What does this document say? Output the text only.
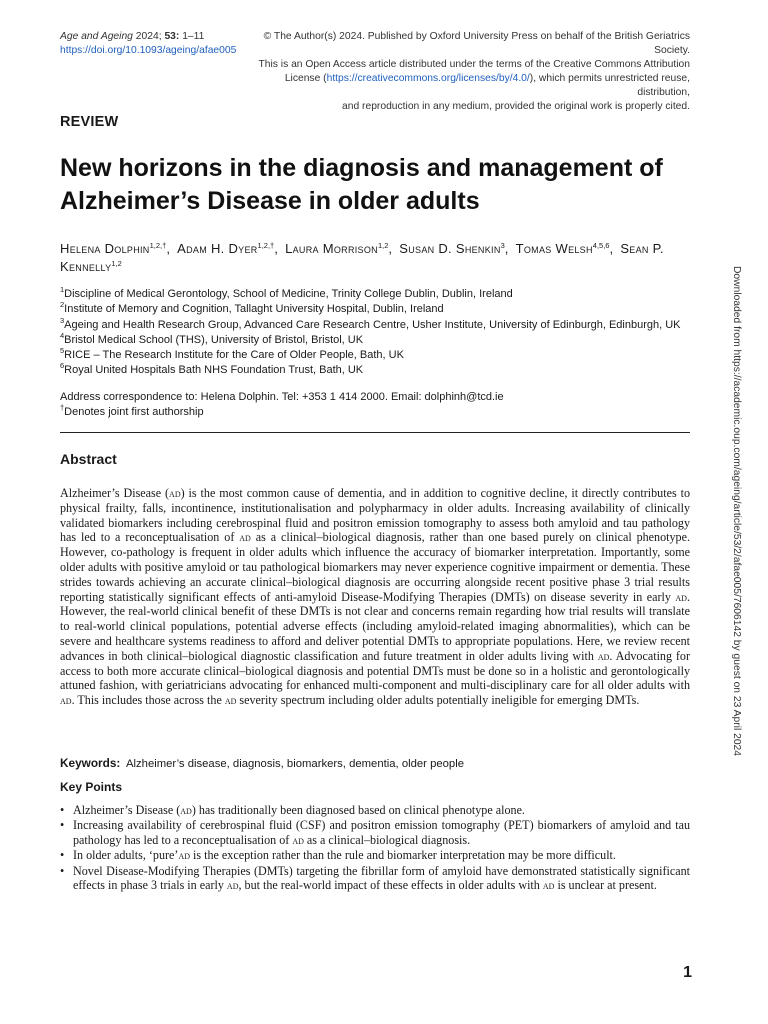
Age and Ageing 2024; 53: 1–11
https://doi.org/10.1093/ageing/afae005
© The Author(s) 2024. Published by Oxford University Press on behalf of the British Geriatrics Society.
This is an Open Access article distributed under the terms of the Creative Commons Attribution
License (https://creativecommons.org/licenses/by/4.0/), which permits unrestricted reuse, distribution,
and reproduction in any medium, provided the original work is properly cited.
REVIEW
New horizons in the diagnosis and management of Alzheimer’s Disease in older adults
Helena Dolphin$^{1,2,\dagger}$,  Adam H. Dyer$^{1,2,\dagger}$,  Laura Morrison$^{1,2}$,  Susan D. Shenkin$^3$,  Tomas Welsh$^{4,5,6}$,  Sean P. Kennelly$^{1,2}$
$^1$Discipline of Medical Gerontology, School of Medicine, Trinity College Dublin, Dublin, Ireland
$^2$Institute of Memory and Cognition, Tallaght University Hospital, Dublin, Ireland
$^3$Ageing and Health Research Group, Advanced Care Research Centre, Usher Institute, University of Edinburgh, Edinburgh, UK
$^4$Bristol Medical School (THS), University of Bristol, Bristol, UK
$^5$RICE – The Research Institute for the Care of Older People, Bath, UK
$^6$Royal United Hospitals Bath NHS Foundation Trust, Bath, UK
Address correspondence to: Helena Dolphin. Tel: +353 1 414 2000. Email: dolphinh@tcd.ie
†Denotes joint first authorship
Abstract

Alzheimer’s Disease (ad) is the most common cause of dementia, and in addition to cognitive decline, it directly contributes to physical frailty, falls, incontinence, institutionalisation and polypharmacy in older adults. Increasing availability of clinically validated biomarkers including cerebrospinal fluid and positron emission tomography to assess both amyloid and tau pathology has led to a reconceptualisation of ad as a clinical–biological diagnosis, rather than one based purely on clinical phenotype. However, co-pathology is frequent in older adults which influence the accuracy of biomarker interpretation. Importantly, some older adults with positive amyloid or tau pathological biomarkers may never experience cognitive impairment or dementia. These strides towards achieving an accurate clinical–biological diagnosis are occurring alongside recent positive phase 3 trial results reporting statistically significant effects of anti-amyloid Disease-Modifying Therapies (DMTs) on disease severity in early ad. However, the real-world clinical benefit of these DMTs is not clear and concerns remain regarding how trial results will translate to real-world clinical populations, potential adverse effects (including amyloid-related imaging abnormalities), which can be severe and healthcare systems readiness to afford and deliver potential DMTs to appropriate populations. Here, we review recent advances in both clinical–biological diagnostic classification and future treatment in older adults living with ad. Advocating for access to both more accurate clinical–biological diagnosis and potential DMTs must be done so in a holistic and gerontologically attuned fashion, with geriatricians advocating for enhanced multi-component and multi-disciplinary care for all older adults with ad. This includes those across the ad severity spectrum including older adults potentially ineligible for emerging DMTs.

Keywords: Alzheimer’s disease, diagnosis, biomarkers, dementia, older people
Key Points
• Alzheimer’s Disease (ad) has traditionally been diagnosed based on clinical phenotype alone.
• Increasing availability of cerebrospinal fluid (CSF) and positron emission tomography (PET) biomarkers of amyloid and tau pathology has led to a reconceptualisation of ad as a clinical–biological diagnosis.
• In older adults, ‘pure’ad is the exception rather than the rule and biomarker interpretation may be more difficult.
• Novel Disease-Modifying Therapies (DMTs) targeting the fibrillar form of amyloid have demonstrated statistically significant effects in phase 3 trials in early ad, but the real-world impact of these effects in older adults with ad is unclear at present.
1
Downloaded from https://academic.oup.com/ageing/article/53/2/afae005/7606142 by guest on 23 April 2024
